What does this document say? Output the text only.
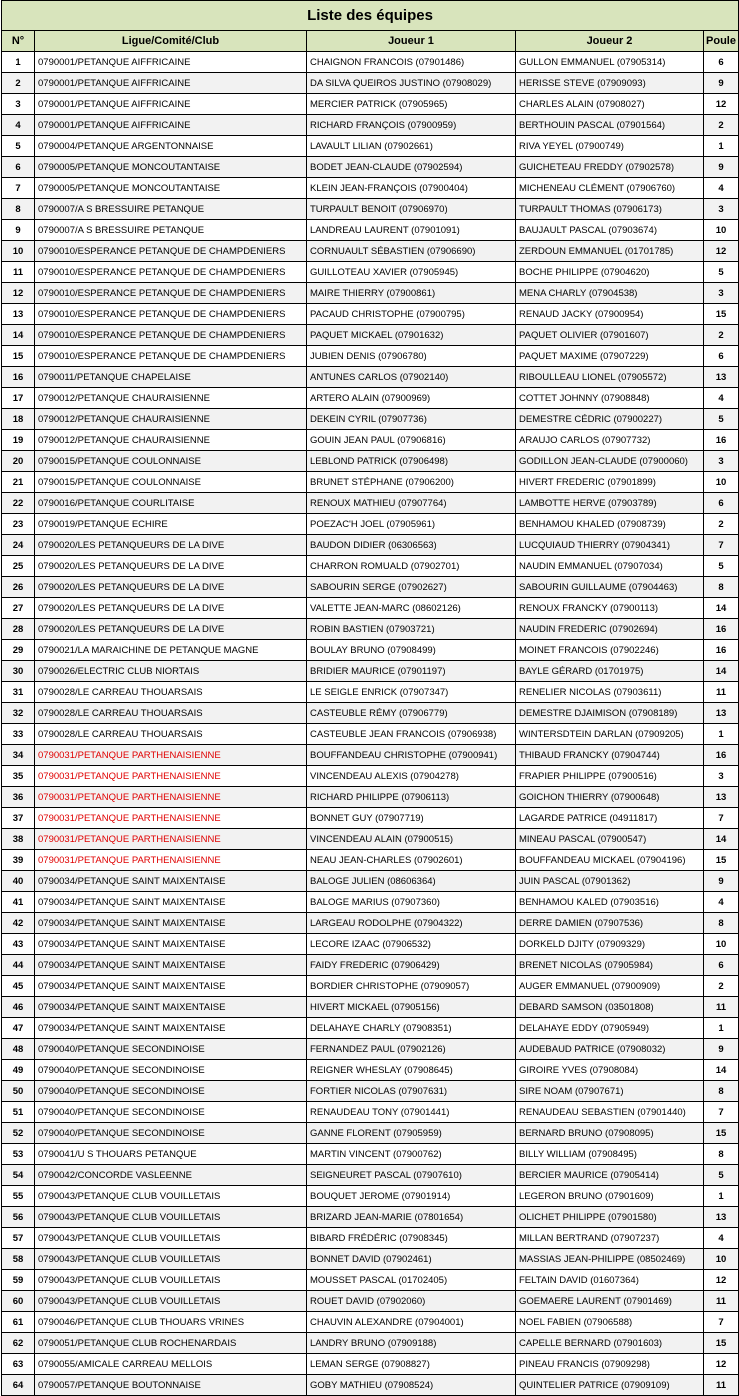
Liste des équipes				
N°	Ligue/Comité/Club	Joueur 1	Joueur 2	Poule
1	0790001/PETANQUE AIFFRICAINE	CHAIGNON FRANCOIS (07901486)	GULLON EMMANUEL (07905314)	6
2	0790001/PETANQUE AIFFRICAINE	DA SILVA QUEIROS JUSTINO (07908029)	HERISSE STEVE (07909093)	9
3	0790001/PETANQUE AIFFRICAINE	MERCIER PATRICK (07905965)	CHARLES ALAIN (07908027)	12
4	0790001/PETANQUE AIFFRICAINE	RICHARD FRANÇOIS (07900959)	BERTHOUIN PASCAL (07901564)	2
5	0790004/PETANQUE ARGENTONNAISE	LAVAULT LILIAN (07902661)	RIVA YEYEL (07900749)	1
6	0790005/PETANQUE MONCOUTANTAISE	BODET JEAN-CLAUDE (07902594)	GUICHETEAU FREDDY (07902578)	9
7	0790005/PETANQUE MONCOUTANTAISE	KLEIN JEAN-FRANÇOIS (07900404)	MICHENEAU CLÉMENT (07906760)	4
8	0790007/A S BRESSUIRE PETANQUE	TURPAULT BENOIT (07906970)	TURPAULT THOMAS (07906173)	3
9	0790007/A S BRESSUIRE PETANQUE	LANDREAU LAURENT (07901091)	BAUJAULT PASCAL (07903674)	10
10	0790010/ESPERANCE PETANQUE DE CHAMPDENIERS	CORNUAULT SÉBASTIEN (07906690)	ZERDOUN EMMANUEL (01701785)	12
11	0790010/ESPERANCE PETANQUE DE CHAMPDENIERS	GUILLOTEAU XAVIER (07905945)	BOCHE PHILIPPE (07904620)	5
12	0790010/ESPERANCE PETANQUE DE CHAMPDENIERS	MAIRE THIERRY (07900861)	MENA CHARLY (07904538)	3
13	0790010/ESPERANCE PETANQUE DE CHAMPDENIERS	PACAUD CHRISTOPHE (07900795)	RENAUD JACKY (07900954)	15
14	0790010/ESPERANCE PETANQUE DE CHAMPDENIERS	PAQUET MICKAEL (07901632)	PAQUET OLIVIER (07901607)	2
15	0790010/ESPERANCE PETANQUE DE CHAMPDENIERS	JUBIEN DENIS (07906780)	PAQUET MAXIME (07907229)	6
16	0790011/PETANQUE CHAPELAISE	ANTUNES CARLOS (07902140)	RIBOULLEAU LIONEL (07905572)	13
17	0790012/PETANQUE CHAURAISIENNE	ARTERO ALAIN (07900969)	COTTET JOHNNY (07908848)	4
18	0790012/PETANQUE CHAURAISIENNE	DEKEIN CYRIL (07907736)	DEMESTRE CÉDRIC (07900227)	5
19	0790012/PETANQUE CHAURAISIENNE	GOUIN JEAN PAUL (07906816)	ARAUJO CARLOS (07907732)	16
20	0790015/PETANQUE COULONNAISE	LEBLOND PATRICK (07906498)	GODILLON JEAN-CLAUDE (07900060)	3
21	0790015/PETANQUE COULONNAISE	BRUNET STÉPHANE (07906200)	HIVERT FREDERIC (07901899)	10
22	0790016/PETANQUE COURLITAISE	RENOUX MATHIEU (07907764)	LAMBOTTE HERVE (07903789)	6
23	0790019/PETANQUE ECHIRE	POEZAC'H JOEL (07905961)	BENHAMOU KHALED (07908739)	2
24	0790020/LES PETANQUEURS DE LA DIVE	BAUDON DIDIER (06306563)	LUCQUIAUD THIERRY (07904341)	7
25	0790020/LES PETANQUEURS DE LA DIVE	CHARRON ROMUALD (07902701)	NAUDIN EMMANUEL (07907034)	5
26	0790020/LES PETANQUEURS DE LA DIVE	SABOURIN SERGE (07902627)	SABOURIN GUILLAUME (07904463)	8
27	0790020/LES PETANQUEURS DE LA DIVE	VALETTE JEAN-MARC (08602126)	RENOUX FRANCKY (07900113)	14
28	0790020/LES PETANQUEURS DE LA DIVE	ROBIN BASTIEN (07903721)	NAUDIN FREDERIC (07902694)	16
29	0790021/LA MARAICHINE DE PETANQUE MAGNE	BOULAY BRUNO (07908499)	MOINET FRANCOIS (07902246)	16
30	0790026/ELECTRIC CLUB NIORTAIS	BRIDIER MAURICE (07901197)	BAYLE GÉRARD (01701975)	14
31	0790028/LE CARREAU THOUARSAIS	LE SEIGLE ENRICK (07907347)	RENELIER NICOLAS (07903611)	11
32	0790028/LE CARREAU THOUARSAIS	CASTEUBLE RÉMY (07906779)	DEMESTRE DJAIMISON (07908189)	13
33	0790028/LE CARREAU THOUARSAIS	CASTEUBLE JEAN FRANCOIS (07906938)	WINTERSDTEIN DARLAN (07909205)	1
34	0790031/PETANQUE PARTHENAISIENNE	BOUFFANDEAU CHRISTOPHE (07900941)	THIBAUD FRANCKY (07904744)	16
35	0790031/PETANQUE PARTHENAISIENNE	VINCENDEAU ALEXIS (07904278)	FRAPIER PHILIPPE (07900516)	3
36	0790031/PETANQUE PARTHENAISIENNE	RICHARD PHILIPPE (07906113)	GOICHON THIERRY (07900648)	13
37	0790031/PETANQUE PARTHENAISIENNE	BONNET GUY (07907719)	LAGARDE PATRICE (04911817)	7
38	0790031/PETANQUE PARTHENAISIENNE	VINCENDEAU ALAIN (07900515)	MINEAU PASCAL (07900547)	14
39	0790031/PETANQUE PARTHENAISIENNE	NEAU JEAN-CHARLES (07902601)	BOUFFANDEAU MICKAEL (07904196)	15
40	0790034/PETANQUE SAINT MAIXENTAISE	BALOGE JULIEN (08606364)	JUIN PASCAL (07901362)	9
41	0790034/PETANQUE SAINT MAIXENTAISE	BALOGE MARIUS (07907360)	BENHAMOU KALED (07903516)	4
42	0790034/PETANQUE SAINT MAIXENTAISE	LARGEAU RODOLPHE (07904322)	DERRE DAMIEN (07907536)	8
43	0790034/PETANQUE SAINT MAIXENTAISE	LECORE IZAAC (07906532)	DORKELD DJITY (07909329)	10
44	0790034/PETANQUE SAINT MAIXENTAISE	FAIDY FREDERIC (07906429)	BRENET NICOLAS (07905984)	6
45	0790034/PETANQUE SAINT MAIXENTAISE	BORDIER CHRISTOPHE (07909057)	AUGER EMMANUEL (07900909)	2
46	0790034/PETANQUE SAINT MAIXENTAISE	HIVERT MICKAEL (07905156)	DEBARD SAMSON (03501808)	11
47	0790034/PETANQUE SAINT MAIXENTAISE	DELAHAYE CHARLY (07908351)	DELAHAYE EDDY (07905949)	1
48	0790040/PETANQUE SECONDINOISE	FERNANDEZ PAUL (07902126)	AUDEBAUD PATRICE (07908032)	9
49	0790040/PETANQUE SECONDINOISE	REIGNER WHESLAY (07908645)	GIROIRE YVES (07908084)	14
50	0790040/PETANQUE SECONDINOISE	FORTIER NICOLAS (07907631)	SIRE NOAM (07907671)	8
51	0790040/PETANQUE SECONDINOISE	RENAUDEAU TONY (07901441)	RENAUDEAU SEBASTIEN (07901440)	7
52	0790040/PETANQUE SECONDINOISE	GANNE FLORENT (07905959)	BERNARD BRUNO (07908095)	15
53	0790041/U S THOUARS PETANQUE	MARTIN VINCENT (07900762)	BILLY WILLIAM (07908495)	8
54	0790042/CONCORDE VASLEENNE	SEIGNEURET PASCAL (07907610)	BERCIER MAURICE (07905414)	5
55	0790043/PETANQUE CLUB VOUILLETAIS	BOUQUET JEROME (07901914)	LEGERON BRUNO (07901609)	1
56	0790043/PETANQUE CLUB VOUILLETAIS	BRIZARD JEAN-MARIE (07801654)	OLICHET PHILIPPE (07901580)	13
57	0790043/PETANQUE CLUB VOUILLETAIS	BIBARD FRÉDÉRIC (07908345)	MILLAN BERTRAND (07907237)	4
58	0790043/PETANQUE CLUB VOUILLETAIS	BONNET DAVID (07902461)	MASSIAS JEAN-PHILIPPE (08502469)	10
59	0790043/PETANQUE CLUB VOUILLETAIS	MOUSSET PASCAL (01702405)	FELTAIN DAVID (01607364)	12
60	0790043/PETANQUE CLUB VOUILLETAIS	ROUET DAVID (07902060)	GOEMAERE LAURENT (07901469)	11
61	0790046/PETANQUE CLUB THOUARS VRINES	CHAUVIN ALEXANDRE (07904001)	NOEL FABIEN (07906588)	7
62	0790051/PETANQUE CLUB ROCHENARDAIS	LANDRY BRUNO (07909188)	CAPELLE BERNARD (07901603)	15
63	0790055/AMICALE CARREAU MELLOIS	LEMAN SERGE (07908827)	PINEAU FRANCIS (07909298)	12
64	0790057/PETANQUE BOUTONNAISE	GOBY MATHIEU (07908524)	QUINTELIER PATRICE (07909109)	11
